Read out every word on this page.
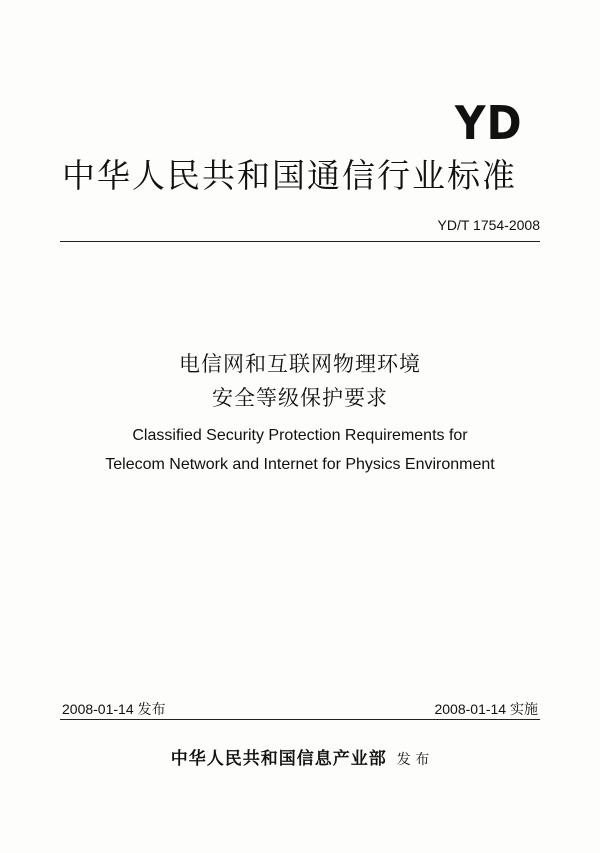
YD
中华人民共和国通信行业标准
YD/T 1754-2008
电信网和互联网物理环境
安全等级保护要求
Classified Security Protection Requirements for
Telecom Network and Internet for Physics Environment
2008-01-14 发布	2008-01-14 实施
中华人民共和国信息产业部 发 布
